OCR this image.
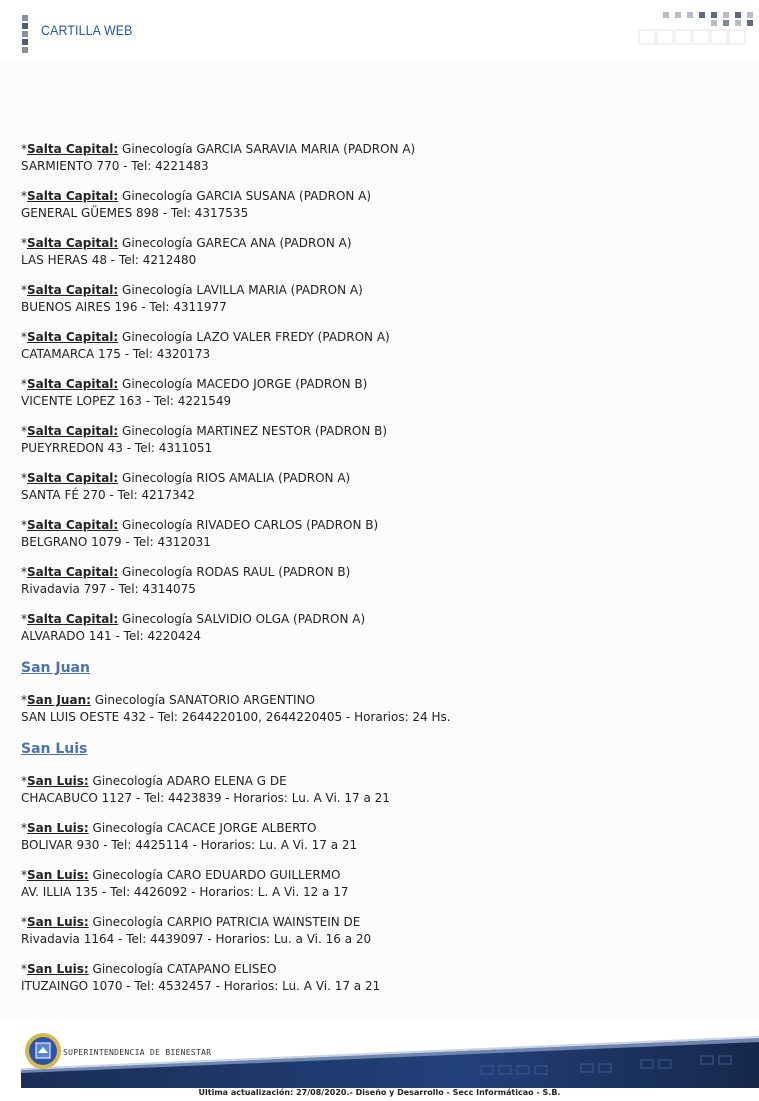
CARTILLA WEB
*Salta Capital: Ginecología GARCIA SARAVIA MARIA (PADRON A)
SARMIENTO 770 - Tel: 4221483
*Salta Capital: Ginecología GARCIA SUSANA (PADRON A)
GENERAL GÜEMES 898 - Tel: 4317535
*Salta Capital: Ginecología GARECA ANA (PADRON A)
LAS HERAS 48 - Tel: 4212480
*Salta Capital: Ginecología LAVILLA MARIA (PADRON A)
BUENOS AIRES 196 - Tel: 4311977
*Salta Capital: Ginecología LAZO VALER FREDY (PADRON A)
CATAMARCA 175 - Tel: 4320173
*Salta Capital: Ginecología MACEDO JORGE (PADRON B)
VICENTE LOPEZ 163 - Tel: 4221549
*Salta Capital: Ginecología MARTINEZ NESTOR (PADRON B)
PUEYRREDON 43 - Tel: 4311051
*Salta Capital: Ginecología RIOS AMALIA (PADRON A)
SANTA FÉ 270 - Tel: 4217342
*Salta Capital: Ginecología RIVADEO CARLOS (PADRON B)
BELGRANO 1079 - Tel: 4312031
*Salta Capital: Ginecología RODAS RAUL (PADRON B)
Rivadavia 797 - Tel: 4314075
*Salta Capital: Ginecología SALVIDIO OLGA (PADRON A)
ALVARADO 141 - Tel: 4220424
San Juan
*San Juan: Ginecología SANATORIO ARGENTINO
SAN LUIS OESTE 432 - Tel: 2644220100, 2644220405 - Horarios: 24 Hs.
San Luis
*San Luis: Ginecología ADARO ELENA G DE
CHACABUCO 1127 - Tel: 4423839 - Horarios: Lu. A Vi. 17 a 21
*San Luis: Ginecología CACACE JORGE ALBERTO
BOLIVAR 930 - Tel: 4425114 - Horarios: Lu. A Vi. 17 a 21
*San Luis: Ginecología CARO EDUARDO GUILLERMO
AV. ILLIA 135 - Tel: 4426092 - Horarios: L. A Vi. 12 a 17
*San Luis: Ginecología CARPIO PATRICIA WAINSTEIN DE
Rivadavia 1164 - Tel: 4439097 - Horarios: Lu. a Vi. 16 a 20
*San Luis: Ginecología CATAPANO ELISEO
ITUZAINGO 1070 - Tel: 4532457 - Horarios: Lu. A Vi. 17 a 21
SUPERINTENDENCIA DE BIENESTAR
Ultima actualización: 27/08/2020.- Diseño y Desarrollo - Secc Informáticao - S.B.
